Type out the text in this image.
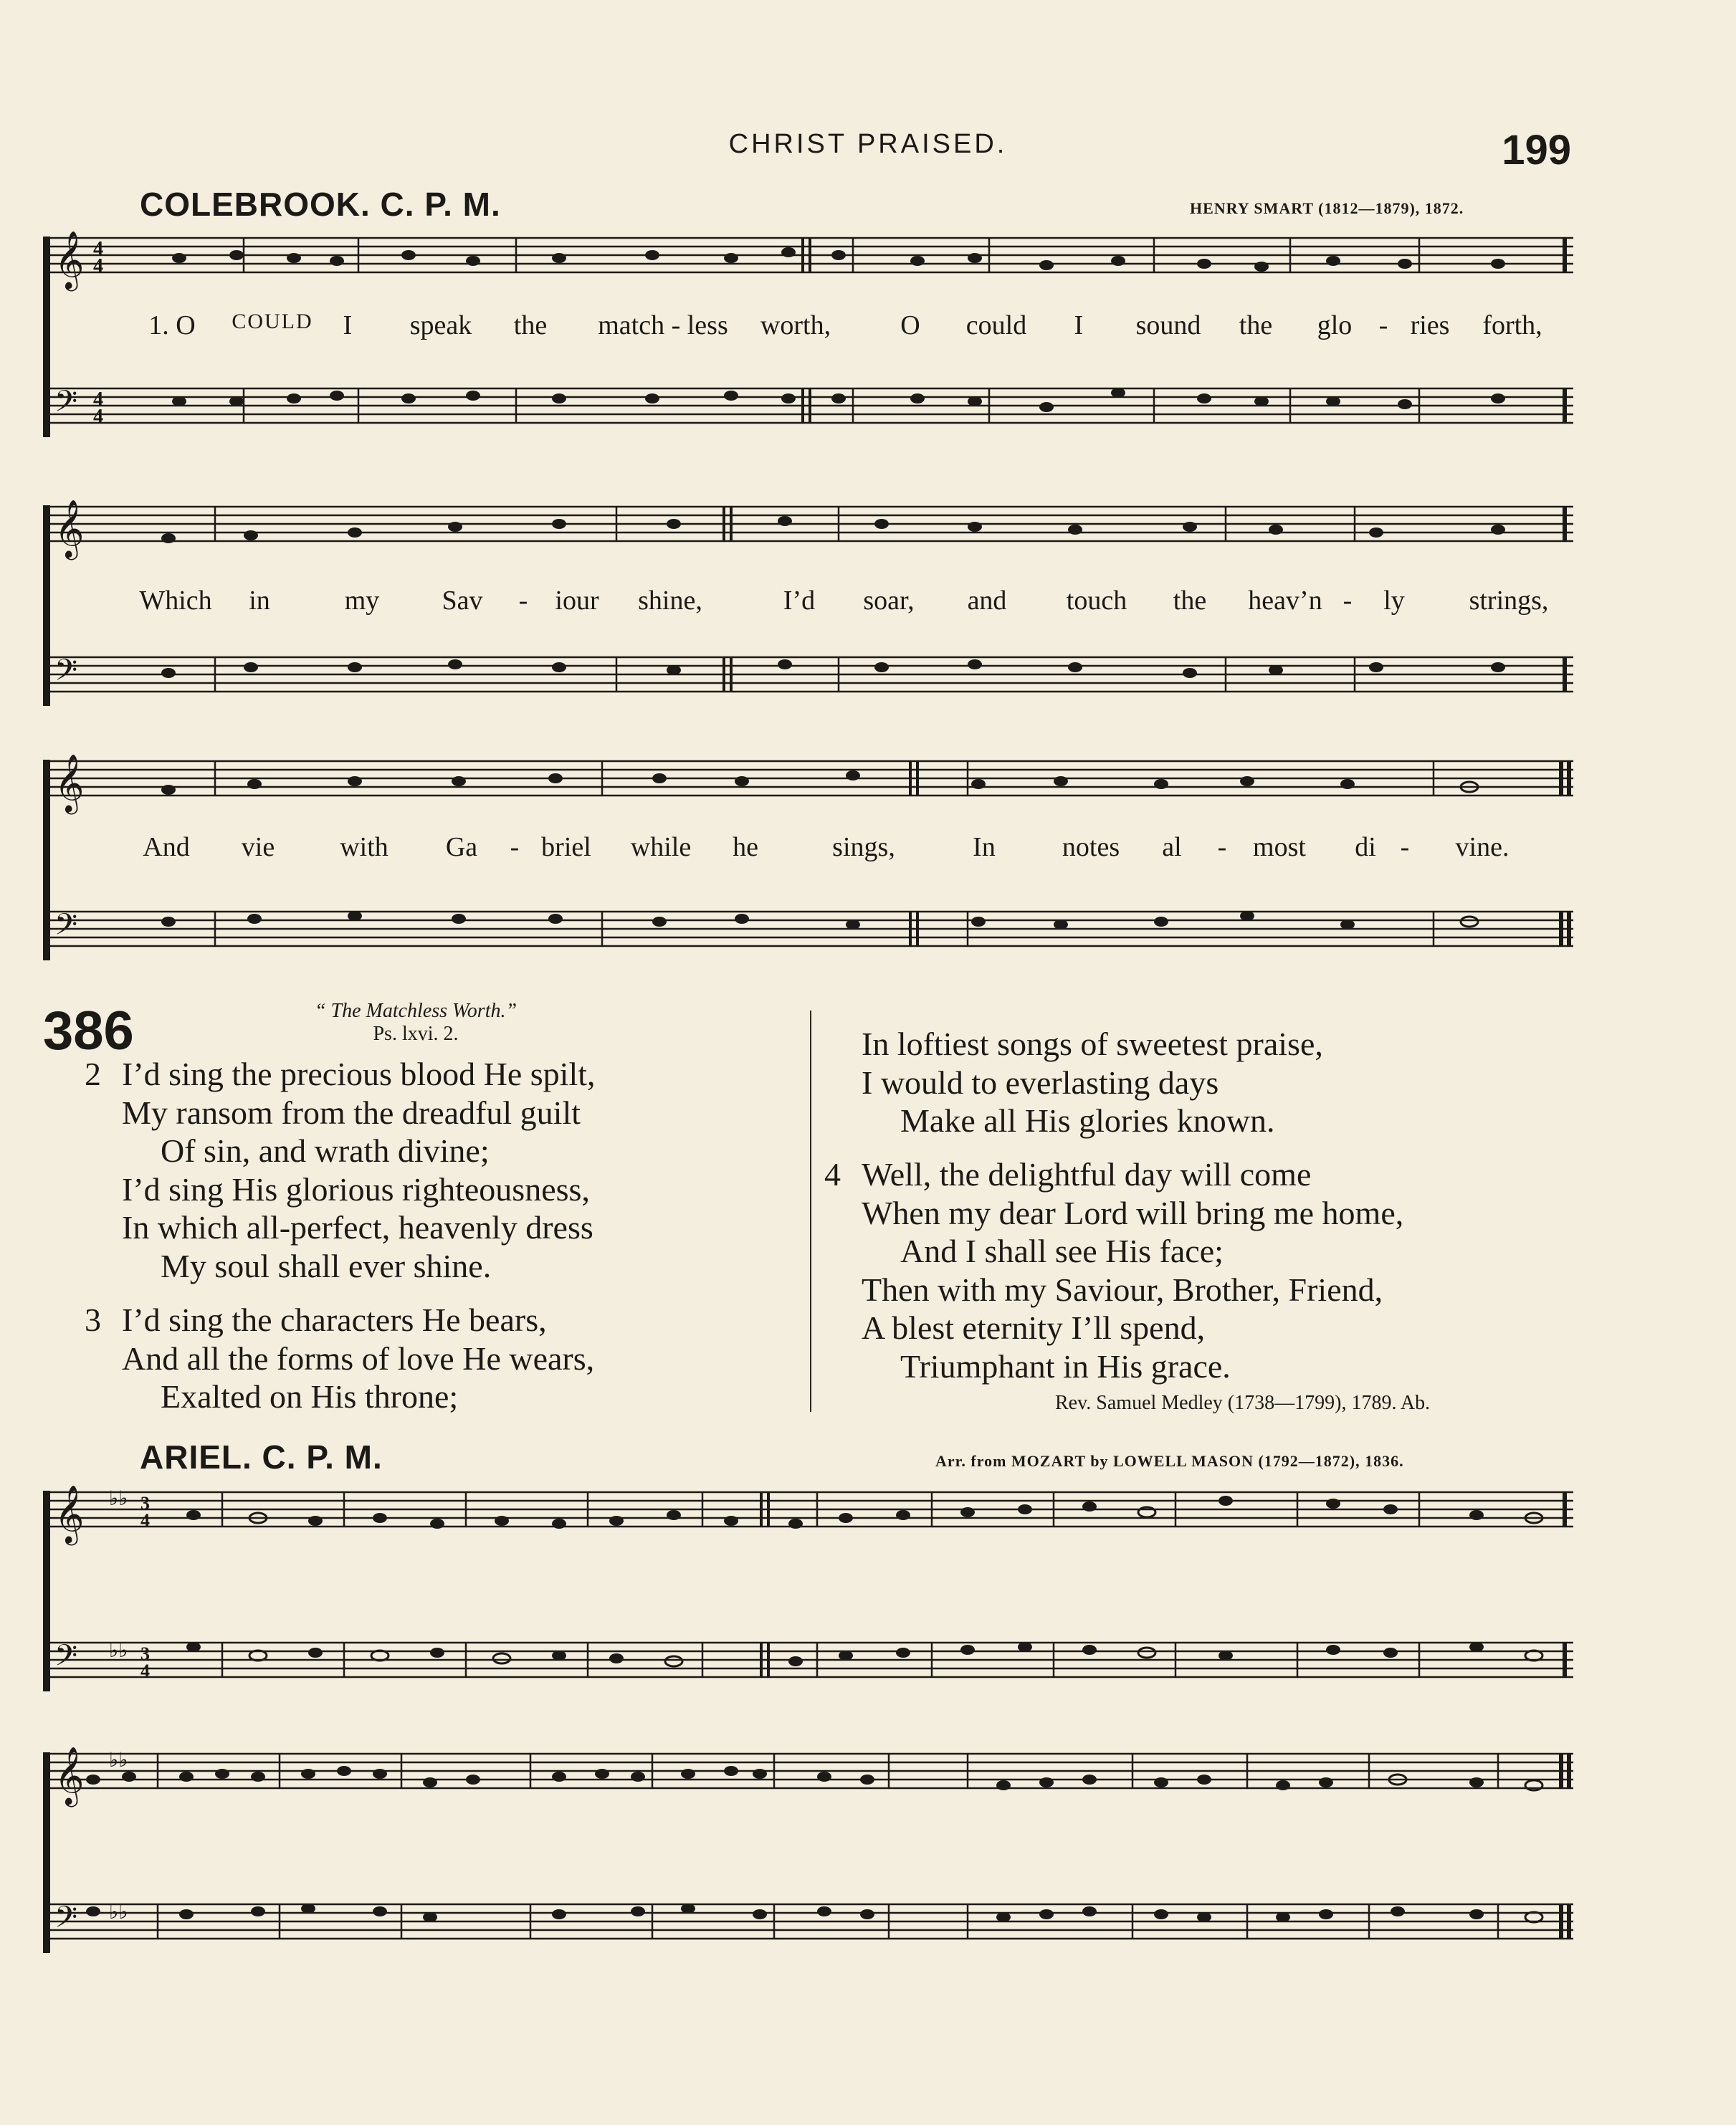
CHRIST PRAISED.	199
COLEBROOK. C. P. M.	HENRY SMART (1812—1879), 1872.
𝄞
𝄢
4
4
4
4
1. O COULD I speak the match - less worth,	O could I sound the glo - ries forth,
𝄞
𝄢
Which in	my Sav - iour shine,	I’d soar, and touch the heav’n - ly strings,
𝄞
𝄢
And vie with Ga - briel while he	sings,	In notes al - most di - vine.
386	“ The Matchless Worth.”
Ps. lxvi. 2.
2 I’d sing the precious blood He spilt,
My ransom from the dreadful guilt
Of sin, and wrath divine;
I’d sing His glorious righteousness,
In which all-perfect, heavenly dress
My soul shall ever shine.
3 I’d sing the characters He bears,
And all the forms of love He wears,
Exalted on His throne;
In loftiest songs of sweetest praise,
I would to everlasting days
Make all His glories known.
4 Well, the delightful day will come
When my dear Lord will bring me home,
And I shall see His face;
Then with my Saviour, Brother, Friend,
A blest eternity I’ll spend,
Triumphant in His grace.
Rev. Samuel Medley (1738—1799), 1789. Ab.
ARIEL. C. P. M.	Arr. from MOZART by LOWELL MASON (1792—1872), 1836.
𝄞
𝄢
♭♭
♭♭
3
4
3
4
𝄞
𝄢
♭♭
♭♭
